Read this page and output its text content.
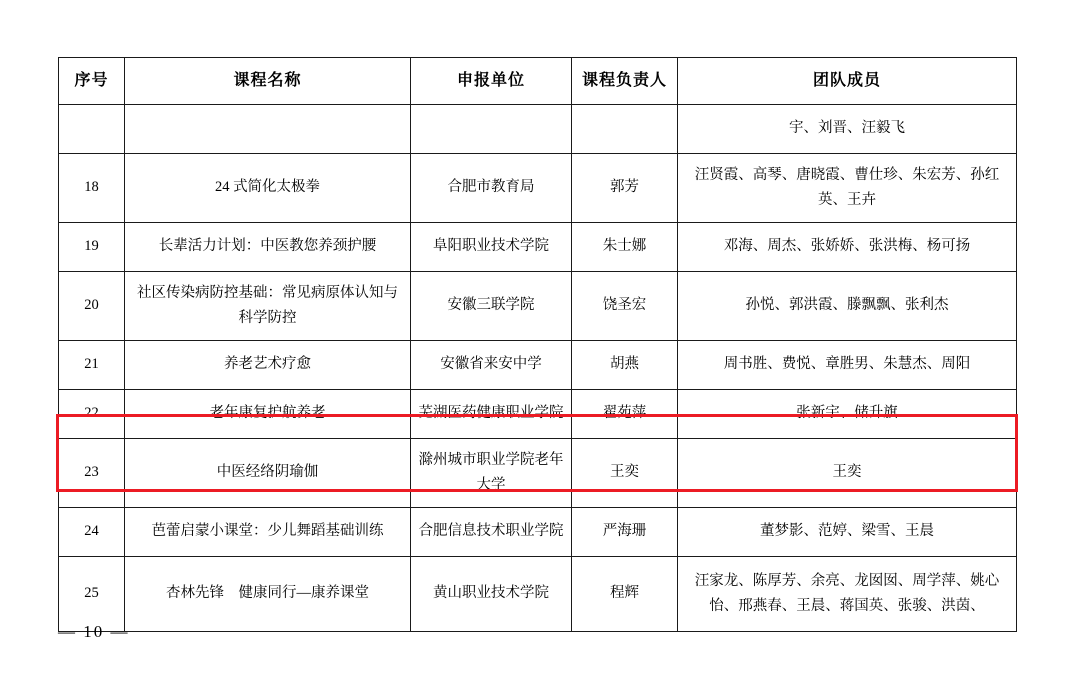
序号	课程名称	申报单位	课程负责人	团队成员
				宇、刘晋、汪毅飞
18	24 式简化太极拳	合肥市教育局	郭芳	汪贤霞、高琴、唐晓霞、曹仕珍、朱宏芳、孙红英、王卉
19	长辈活力计划：中医教您养颈护腰	阜阳职业技术学院	朱士娜	邓海、周杰、张娇娇、张洪梅、杨可扬
20	社区传染病防控基础：常见病原体认知与科学防控	安徽三联学院	饶圣宏	孙悦、郭洪霞、滕飘飘、张利杰
21	养老艺术疗愈	安徽省来安中学	胡燕	周书胜、费悦、章胜男、朱慧杰、周阳
22	老年康复护航养老	芜湖医药健康职业学院	翟苑萍	张新宇、储升旗
23	中医经络阴瑜伽	滁州城市职业学院老年大学	王奕	王奕
24	芭蕾启蒙小课堂：少儿舞蹈基础训练	合肥信息技术职业学院	严海珊	董梦影、范婷、梁雪、王晨
25	杏林先锋　健康同行—康养课堂	黄山职业技术学院	程辉	汪家龙、陈厚芳、余亮、龙囡囡、周学萍、姚心怡、邢燕春、王晨、蒋国英、张骏、洪茵、
— 10 —
